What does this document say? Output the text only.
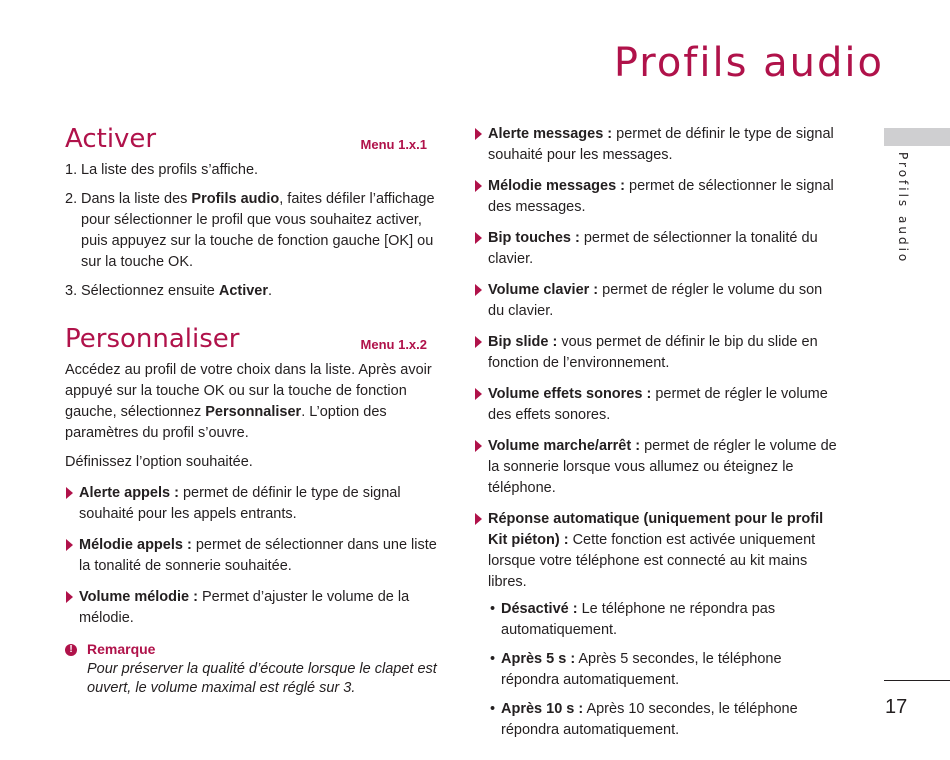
Profils audio
Profils audio
17
Activer	Menu 1.x.1
1. La liste des profils s’affiche.
2. Dans la liste des Profils audio, faites défiler l’affichage pour sélectionner le profil que vous souhaitez activer, puis appuyez sur la touche de fonction gauche [OK] ou sur la touche OK.
3. Sélectionnez ensuite Activer.
Personnaliser	Menu 1.x.2

Accédez au profil de votre choix dans la liste. Après avoir appuyé sur la touche OK ou sur la touche de fonction gauche, sélectionnez Personnaliser. L’option des paramètres du profil s’ouvre.

Définissez l’option souhaitée.

Alerte appels : permet de définir le type de signal souhaité pour les appels entrants.
Mélodie appels : permet de sélectionner dans une liste la tonalité de sonnerie souhaitée.
Volume mélodie : Permet d’ajuster le volume de la mélodie.
!	Remarque
Pour préserver la qualité d’écoute lorsque le clapet est ouvert, le volume maximal est réglé sur 3.
Alerte messages : permet de définir le type de signal souhaité pour les messages.
Mélodie messages : permet de sélectionner le signal des messages.
Bip touches : permet de sélectionner la tonalité du clavier.
Volume clavier : permet de régler le volume du son du clavier.
Bip slide : vous permet de définir le bip du slide en fonction de l’environnement.
Volume effets sonores : permet de régler le volume des effets sonores.
Volume marche/arrêt : permet de régler le volume de la sonnerie lorsque vous allumez ou éteignez le téléphone.
Réponse automatique (uniquement pour le profil Kit piéton) : Cette fonction est activée uniquement lorsque votre téléphone est connecté au kit mains libres.
• Désactivé : Le téléphone ne répondra pas automatiquement.
• Après 5 s : Après 5 secondes, le téléphone répondra automatiquement.
• Après 10 s : Après 10 secondes, le téléphone répondra automatiquement.
